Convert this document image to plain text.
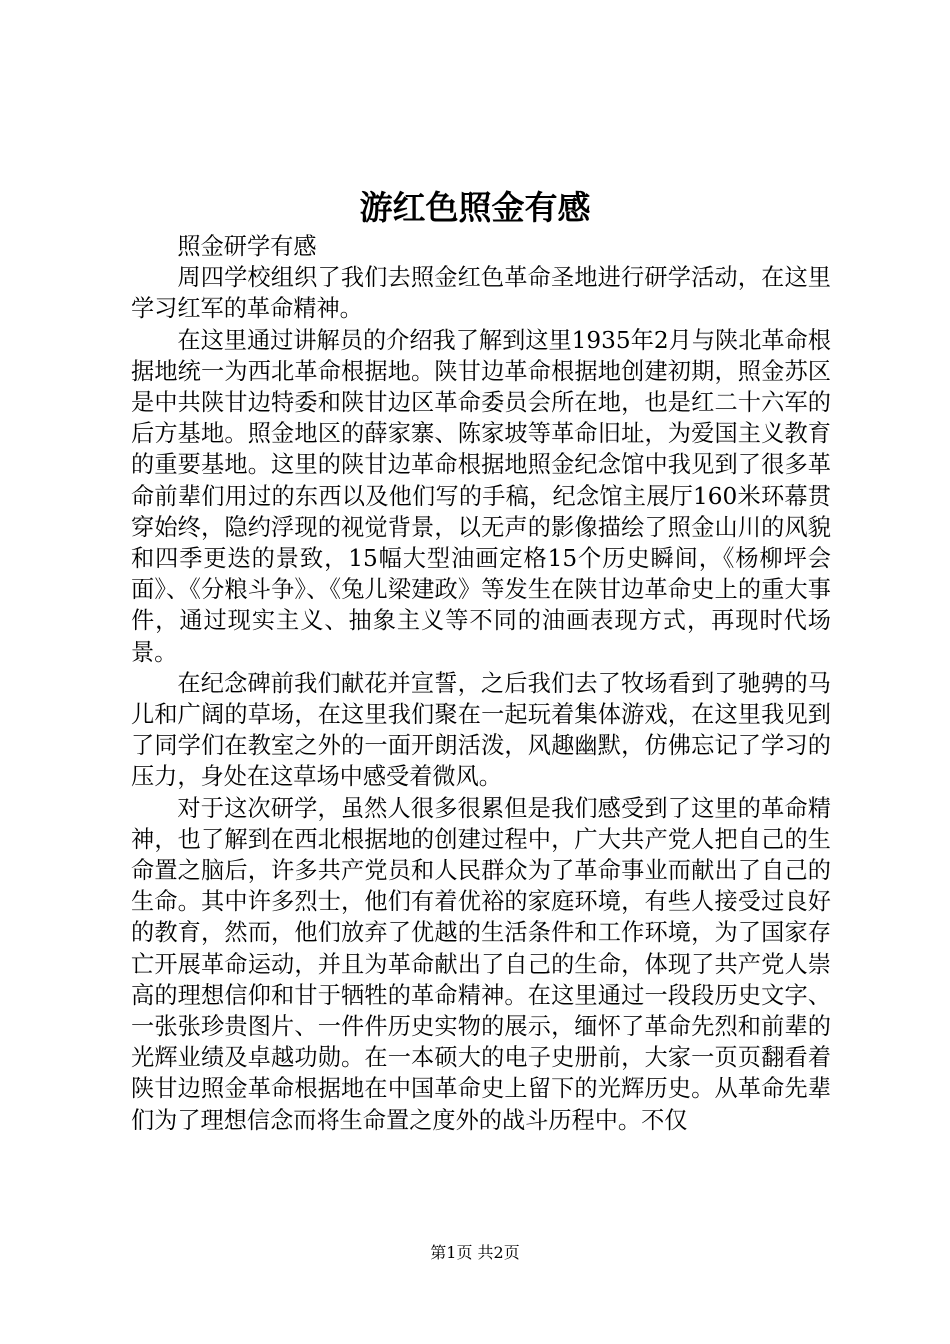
游红色照金有感

照金研学有感

周四学校组织了我们去照金红色革命圣地进行研学活动，在这里学习红军的革命精神。

在这里通过讲解员的介绍我了解到这里1935年2月与陕北革命根据地统一为西北革命根据地。陕甘边革命根据地创建初期，照金苏区是中共陕甘边特委和陕甘边区革命委员会所在地，也是红二十六军的后方基地。照金地区的薛家寨、陈家坡等革命旧址，为爱国主义教育的重要基地。这里的陕甘边革命根据地照金纪念馆中我见到了很多革命前辈们用过的东西以及他们写的手稿，纪念馆主展厅160米环幕贯穿始终，隐约浮现的视觉背景，以无声的影像描绘了照金山川的风貌和四季更迭的景致，15幅大型油画定格15个历史瞬间，《杨柳坪会面》、《分粮斗争》、《兔儿梁建政》等发生在陕甘边革命史上的重大事件，通过现实主义、抽象主义等不同的油画表现方式，再现时代场景。

在纪念碑前我们献花并宣誓，之后我们去了牧场看到了驰骋的马儿和广阔的草场，在这里我们聚在一起玩着集体游戏，在这里我见到了同学们在教室之外的一面开朗活泼，风趣幽默，仿佛忘记了学习的压力，身处在这草场中感受着微风。

对于这次研学，虽然人很多很累但是我们感受到了这里的革命精神，也了解到在西北根据地的创建过程中，广大共产党人把自己的生命置之脑后，许多共产党员和人民群众为了革命事业而献出了自己的生命。其中许多烈士，他们有着优裕的家庭环境，有些人接受过良好的教育，然而，他们放弃了优越的生活条件和工作环境，为了国家存亡开展革命运动，并且为革命献出了自己的生命，体现了共产党人崇高的理想信仰和甘于牺牲的革命精神。在这里通过一段段历史文字、一张张珍贵图片、一件件历史实物的展示，缅怀了革命先烈和前辈的光辉业绩及卓越功勋。在一本硕大的电子史册前，大家一页页翻看着陕甘边照金革命根据地在中国革命史上留下的光辉历史。从革命先辈们为了理想信念而将生命置之度外的战斗历程中。不仅

第1页 共2页
